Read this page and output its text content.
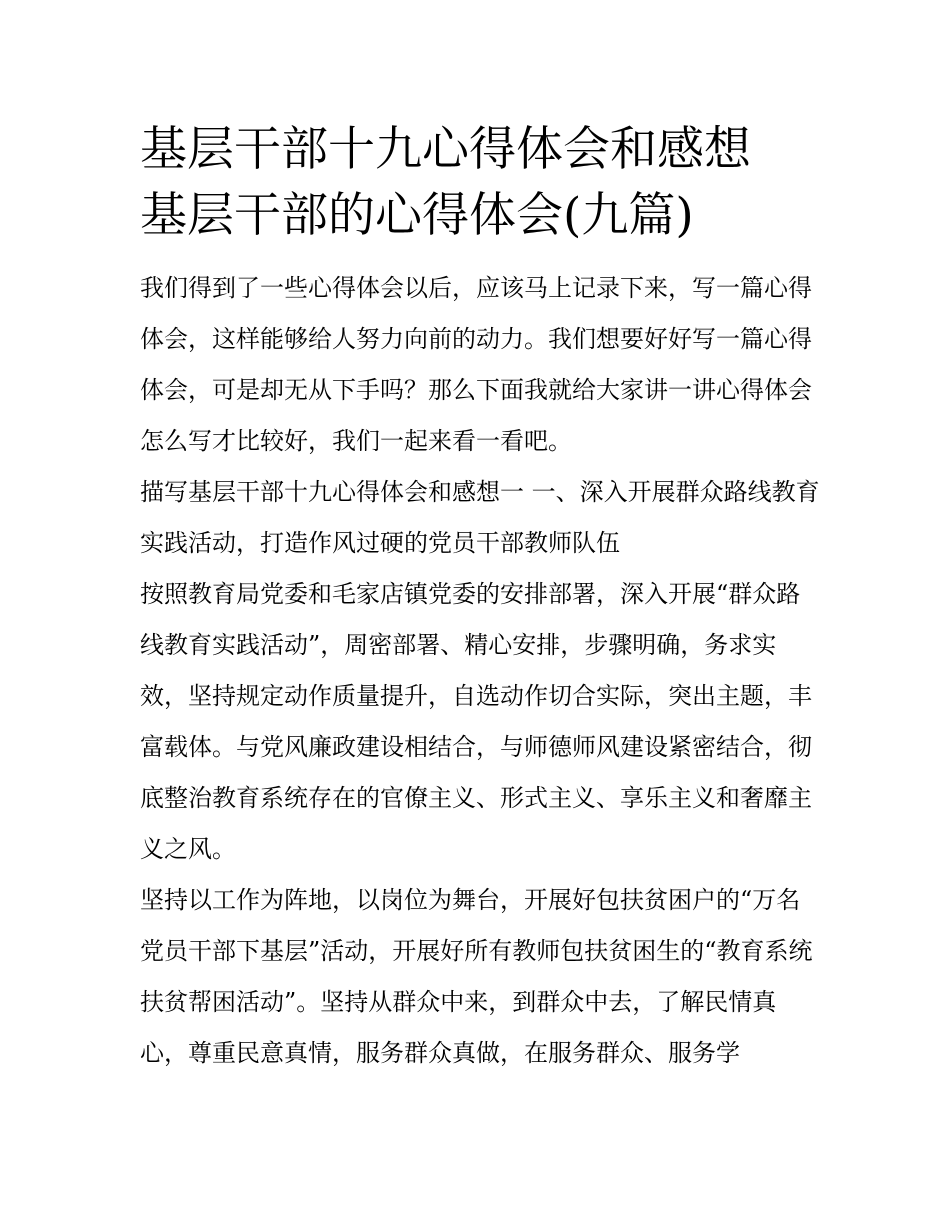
基层干部十九心得体会和感想
基层干部的心得体会(九篇)

我们得到了一些心得体会以后，应该马上记录下来，写一篇心得体会，这样能够给人努力向前的动力。我们想要好好写一篇心得体会，可是却无从下手吗？那么下面我就给大家讲一讲心得体会怎么写才比较好，我们一起来看一看吧。

描写基层干部十九心得体会和感想一 一、深入开展群众路线教育实践活动，打造作风过硬的党员干部教师队伍

按照教育局党委和毛家店镇党委的安排部署，深入开展“群众路线教育实践活动”，周密部署、精心安排，步骤明确，务求实效，坚持规定动作质量提升，自选动作切合实际，突出主题，丰富载体。与党风廉政建设相结合，与师德师风建设紧密结合，彻底整治教育系统存在的官僚主义、形式主义、享乐主义和奢靡主义之风。

坚持以工作为阵地，以岗位为舞台，开展好包扶贫困户的“万名党员干部下基层”活动，开展好所有教师包扶贫困生的“教育系统扶贫帮困活动”。坚持从群众中来，到群众中去，了解民情真心，尊重民意真情，服务群众真做，在服务群众、服务学
